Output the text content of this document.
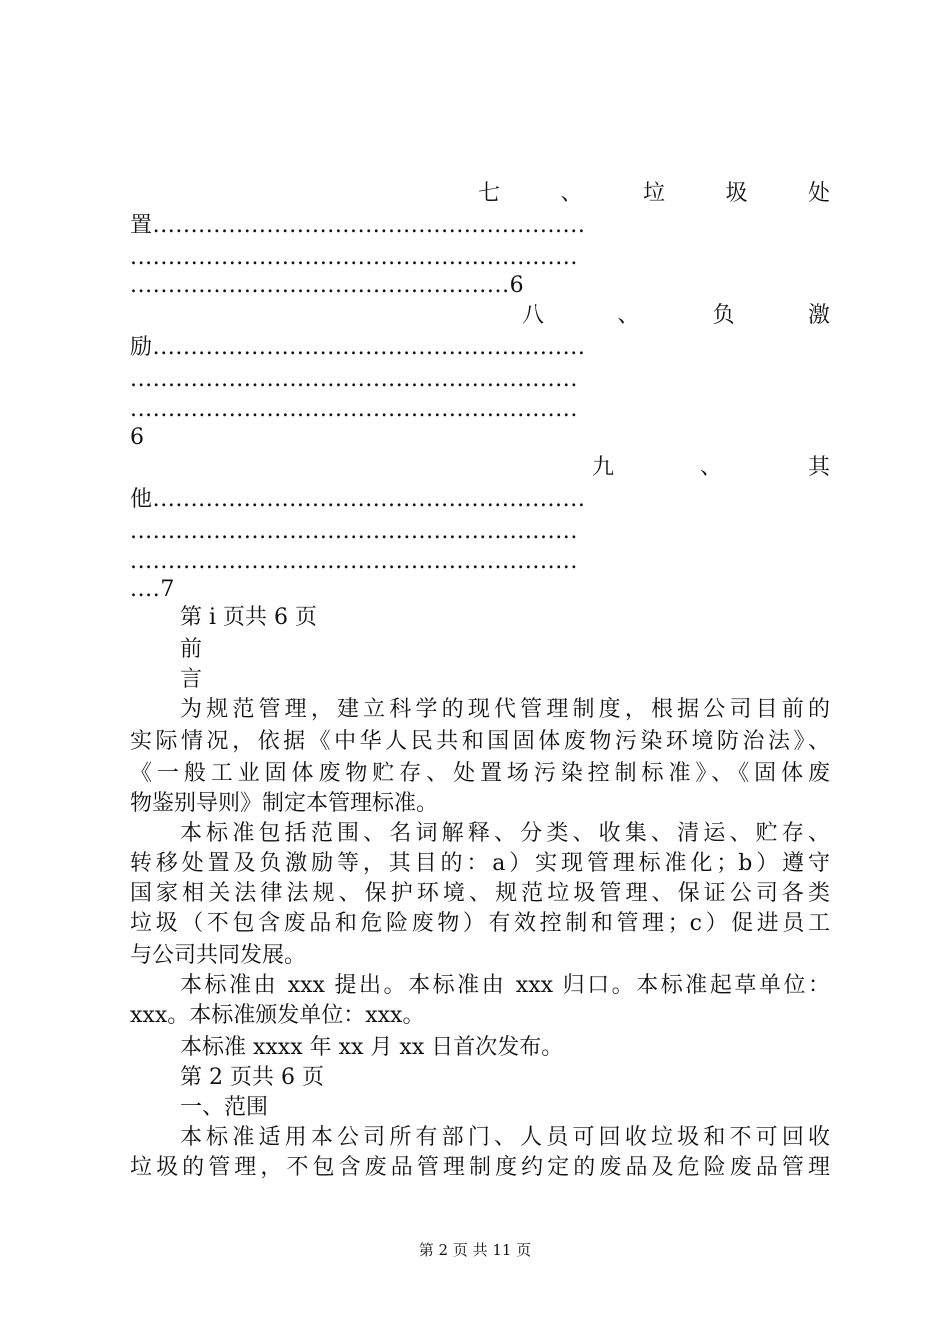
七	、	垃	圾	处
置.........................................................
...........................................................
..................................................6
八	、	负	激
励.........................................................
...........................................................
...........................................................
6
九	、	其
他.........................................................
...........................................................
...........................................................
....7
第 i 页共 6 页
前
言
为规范管理，建立科学的现代管理制度，根据公司目前的
实际情况，依据《中华人民共和国固体废物污染环境防治法》、
《一般工业固体废物贮存、处置场污染控制标准》、《固体废
物鉴别导则》制定本管理标准。
本标准包括范围、名词解释、分类、收集、清运、贮存、
转移处置及负激励等，其目的：a）实现管理标准化；b）遵守
国家相关法律法规、保护环境、规范垃圾管理、保证公司各类
垃圾（不包含废品和危险废物）有效控制和管理；c）促进员工
与公司共同发展。
本标准由 xxx 提出。本标准由 xxx 归口。本标准起草单位：
xxx。本标准颁发单位：xxx。
本标准 xxxx 年 xx 月 xx 日首次发布。
第 2 页共 6 页
一、范围
本标准适用本公司所有部门、人员可回收垃圾和不可回收
垃圾的管理，不包含废品管理制度约定的废品及危险废品管理
第 2 页 共 11 页
